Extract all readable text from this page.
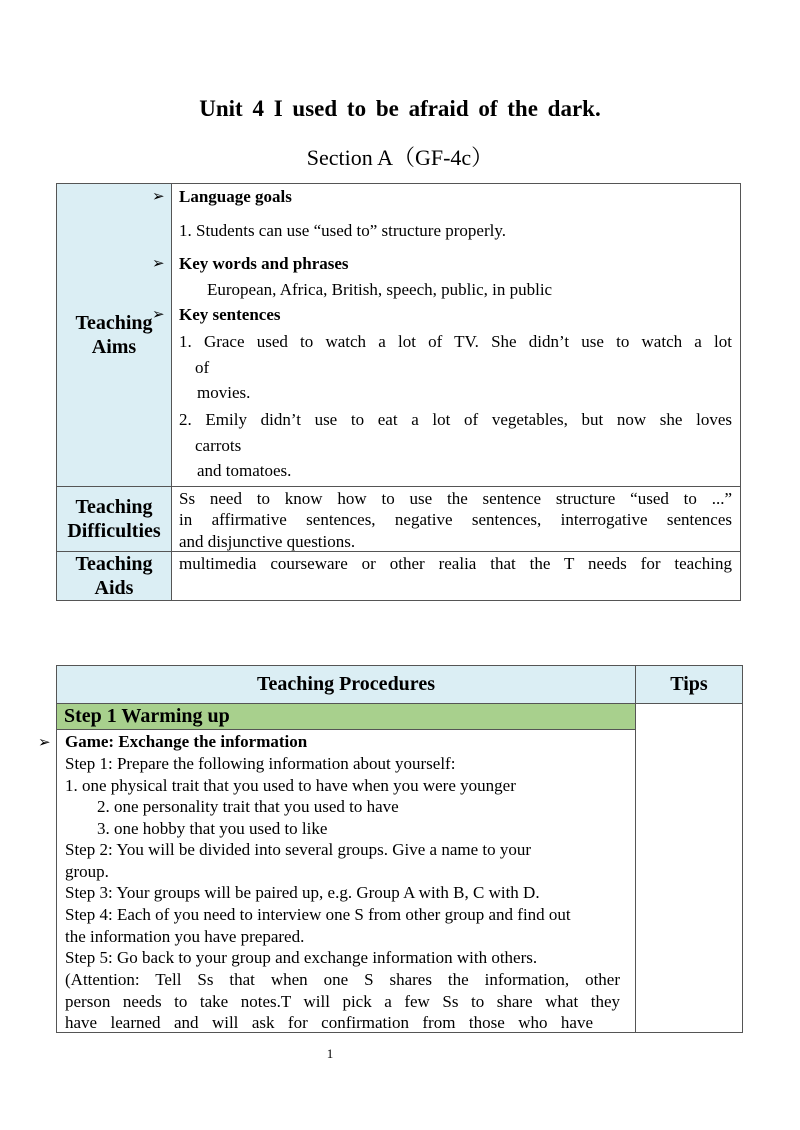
Unit 4 I used to be afraid of the dark.
Section A（GF-4c）
Teaching Aims
Teaching Difficulties
Teaching Aids
➢
➢
➢
Language goals
1. Students can use “used to” structure properly.
Key words and phrases
European, Africa, British, speech, public, in public
Key sentences
1. Grace used to watch a lot of TV. She didn’t use to watch a lot
of
movies.
2. Emily didn’t use to eat a lot of vegetables, but now she loves
carrots
and tomatoes.
Ss need to know how to use the sentence structure “used to ...”
in affirmative sentences, negative sentences, interrogative sentences
and disjunctive questions.
multimedia courseware or other realia that the T needs for teaching
Teaching Procedures	Tips
Step 1 Warming up
Game: Exchange the information
Step 1: Prepare the following information about yourself:
1. one physical trait that you used to have when you were younger
2. one personality trait that you used to have
3. one hobby that you used to like
Step 2: You will be divided into several groups. Give a name to your
group.
Step 3: Your groups will be paired up, e.g. Group A with B, C with D.
Step 4: Each of you need to interview one S from other group and find out
the information you have prepared.
Step 5: Go back to your group and exchange information with others.
(Attention: Tell Ss that when one S shares the information, other
person needs to take notes.T will pick a few Ss to share what they
have learned and will ask for confirmation from those who have
➢
1
